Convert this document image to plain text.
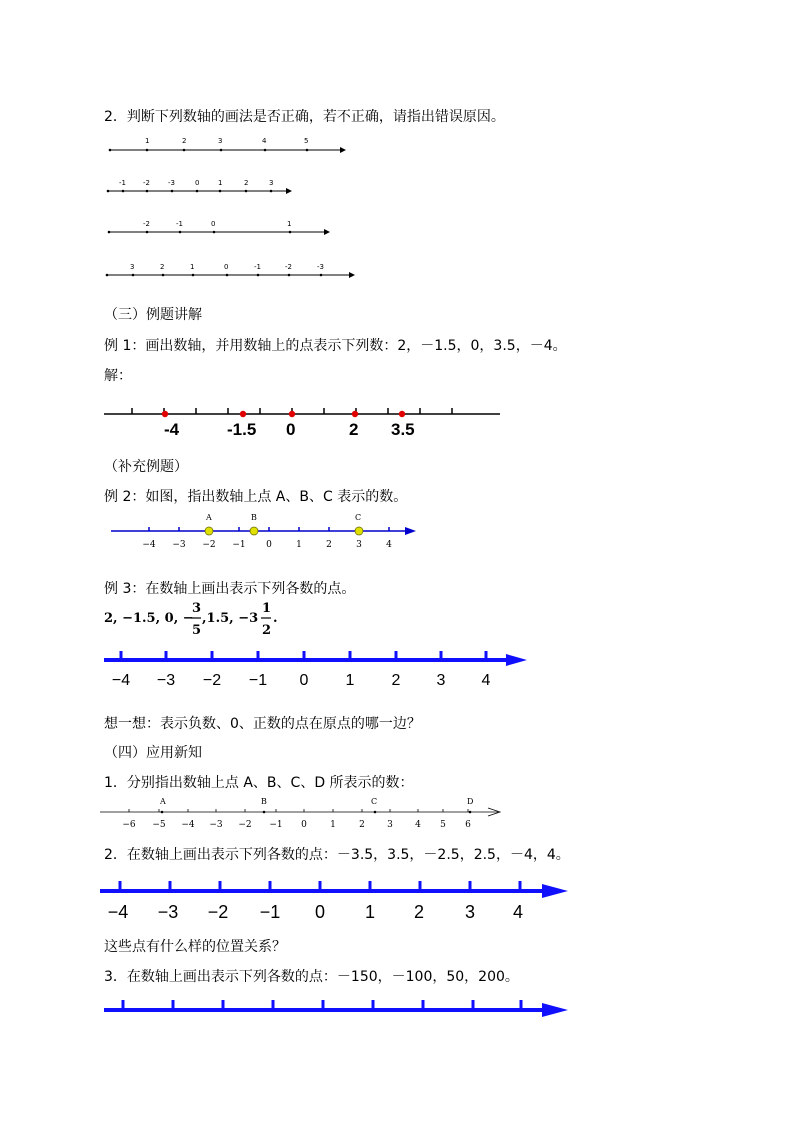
2．判断下列数轴的画法是否正确，若不正确，请指出错误原因。
1	2	3	4	5
-1 -2	-3	0	1	2	3
-2	-1	0	1
3	2	1	0	-1	-2	-3
（三）例题讲解
例 1：画出数轴，并用数轴上的点表示下列数：2，－1.5，0，3.5，－4。
解：
-4	-1.5 0	2 3.5
（补充例题）
例 2：如图，指出数轴上点 A、B、C 表示的数。
A	B	C
−4 −3 −2 −1 0	1	2	3	4
例 3：在数轴上画出表示下列各数的点。
2, −1.5, 0, −
3
5
,1.5, −3
1
2
.
−4 −3 −2 −1 0 1 2 3 4
想一想：表示负数、0、正数的点在原点的哪一边？
（四）应用新知
1．分别指出数轴上点 A、B、C、D 所表示的数：
A	B	C	D
−6 −5 −4 −3 −2 −1 0	1	2 3 4 5 6
2．在数轴上画出表示下列各数的点：－3.5，3.5，－2.5，2.5，－4，4。
−4 −3 −2 −1 0 1 2 3 4
这些点有什么样的位置关系？
3．在数轴上画出表示下列各数的点：－150，－100，50，200。
